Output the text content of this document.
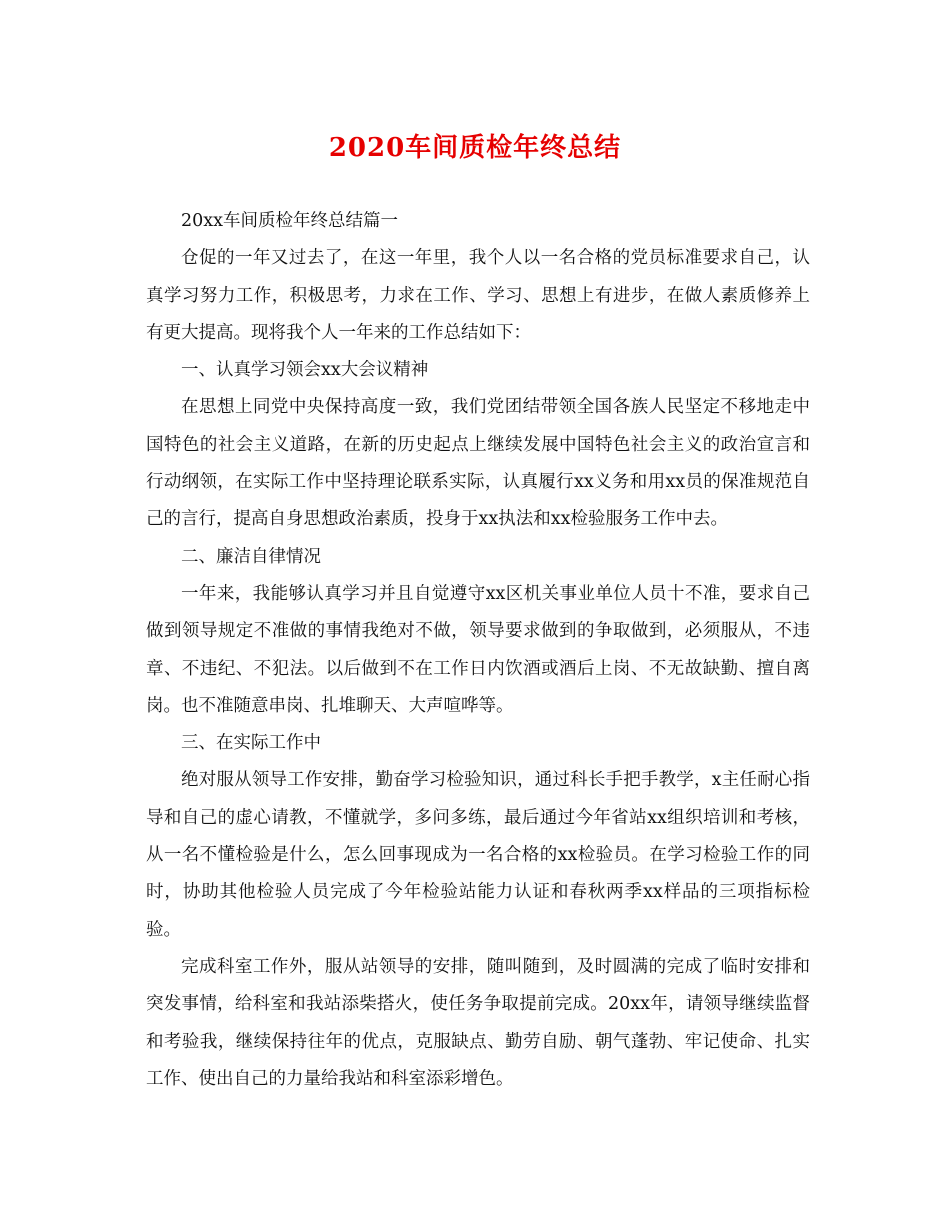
2020车间质检年终总结

20xx车间质检年终总结篇一

仓促的一年又过去了，在这一年里，我个人以一名合格的党员标准要求自己，认真学习努力工作，积极思考，力求在工作、学习、思想上有进步，在做人素质修养上有更大提高。现将我个人一年来的工作总结如下：

一、认真学习领会xx大会议精神

在思想上同党中央保持高度一致，我们党团结带领全国各族人民坚定不移地走中国特色的社会主义道路，在新的历史起点上继续发展中国特色社会主义的政治宣言和行动纲领，在实际工作中坚持理论联系实际，认真履行xx义务和用xx员的保准规范自己的言行，提高自身思想政治素质，投身于xx执法和xx检验服务工作中去。

二、廉洁自律情况

一年来，我能够认真学习并且自觉遵守xx区机关事业单位人员十不准，要求自己做到领导规定不准做的事情我绝对不做，领导要求做到的争取做到，必须服从，不违章、不违纪、不犯法。以后做到不在工作日内饮酒或酒后上岗、不无故缺勤、擅自离岗。也不准随意串岗、扎堆聊天、大声喧哗等。

三、在实际工作中

绝对服从领导工作安排，勤奋学习检验知识，通过科长手把手教学，x主任耐心指导和自己的虚心请教，不懂就学，多问多练，最后通过今年省站xx组织培训和考核，从一名不懂检验是什么，怎么回事现成为一名合格的xx检验员。在学习检验工作的同时，协助其他检验人员完成了今年检验站能力认证和春秋两季xx样品的三项指标检验。

完成科室工作外，服从站领导的安排，随叫随到，及时圆满的完成了临时安排和突发事情，给科室和我站添柴搭火，使任务争取提前完成。20xx年，请领导继续监督和考验我，继续保持往年的优点，克服缺点、勤劳自励、朝气蓬勃、牢记使命、扎实工作、使出自己的力量给我站和科室添彩增色。
